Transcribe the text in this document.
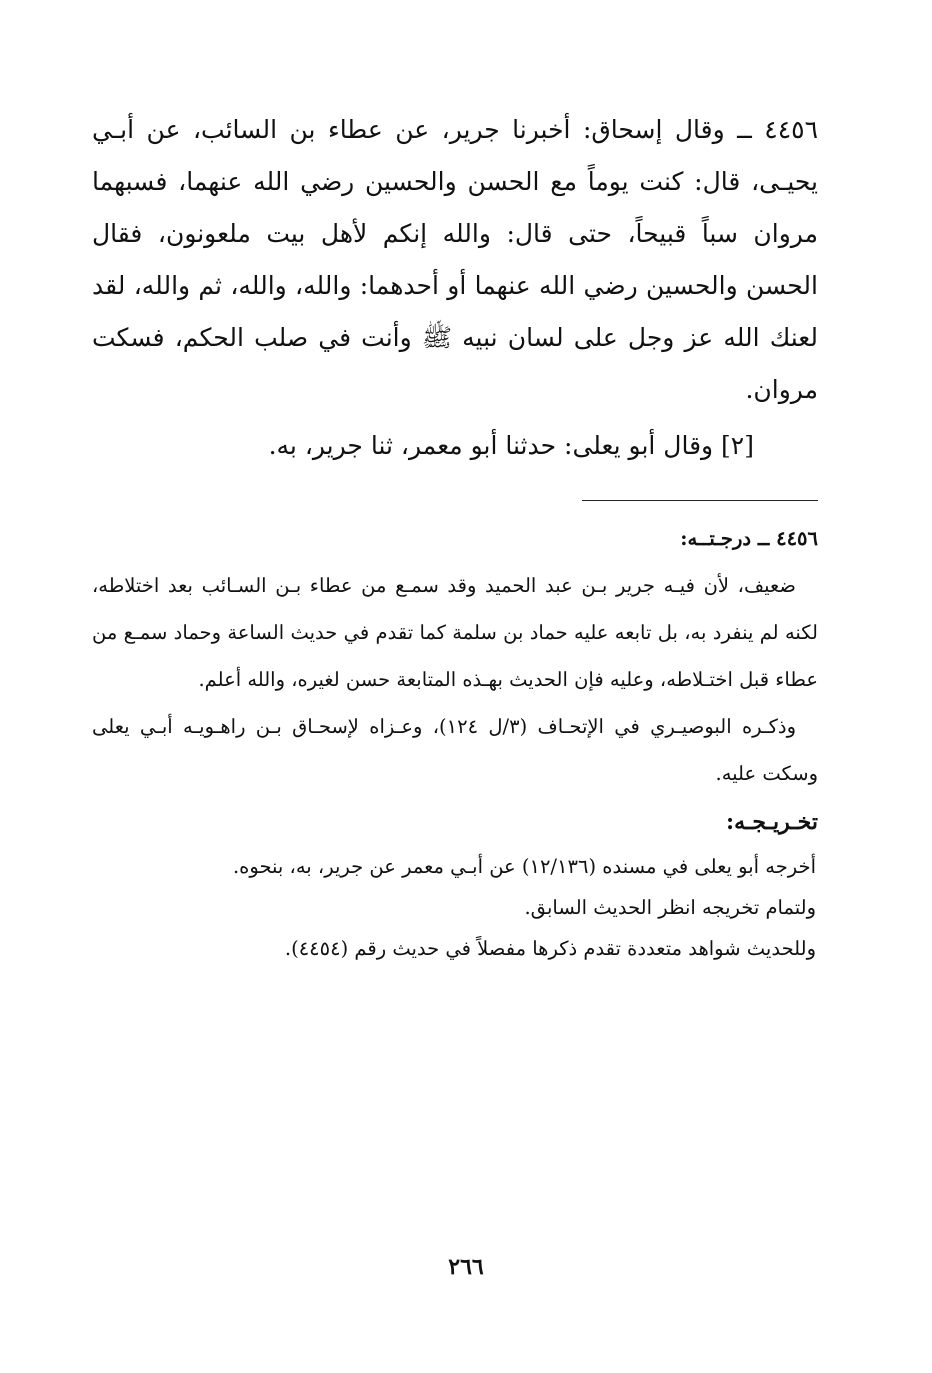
٤٤٥٦ ــ وقال إسحاق: أخبرنا جرير، عن عطاء بن السائب، عن أبـي يحيـى، قال: كنت يوماً مع الحسن والحسين رضي الله عنهما، فسبهما مروان سباً قبيحاً، حتى قال: والله إنكم لأهل بيت ملعونون، فقال الحسن والحسين رضي الله عنهما أو أحدهما: والله، والله، ثم والله، لقد لعنك الله عز وجل على لسان نبيه ﷺ وأنت في صلب الحكم، فسكت مروان.

[٢] وقال أبو يعلى: حدثنا أبو معمر، ثنا جرير، به.

٤٤٥٦ ــ درجـتــه:

ضعيف، لأن فيـه جرير بـن عبد الحميد وقد سمـع من عطاء بـن السـائب بعد اختلاطه، لكنه لم ينفرد به، بل تابعه عليه حماد بن سلمة كما تقدم في حديث الساعة وحماد سمـع من عطاء قبل اختـلاطه، وعليه فإن الحديث بهـذه المتابعة حسن لغيره، والله أعلم.

وذكـره البوصيـري في الإتحـاف (٣/ل ١٢٤)، وعـزاه لإسحـاق بـن راهـويـه أبـي يعلى وسكت عليه.

تخـريـجـه:

أخرجه أبو يعلى في مسنده (١٢/١٣٦) عن أبـي معمر عن جرير، به، بنحوه.

ولتمام تخريجه انظر الحديث السابق.

وللحديث شواهد متعددة تقدم ذكرها مفصلاً في حديث رقم (٤٤٥٤).

٢٦٦
